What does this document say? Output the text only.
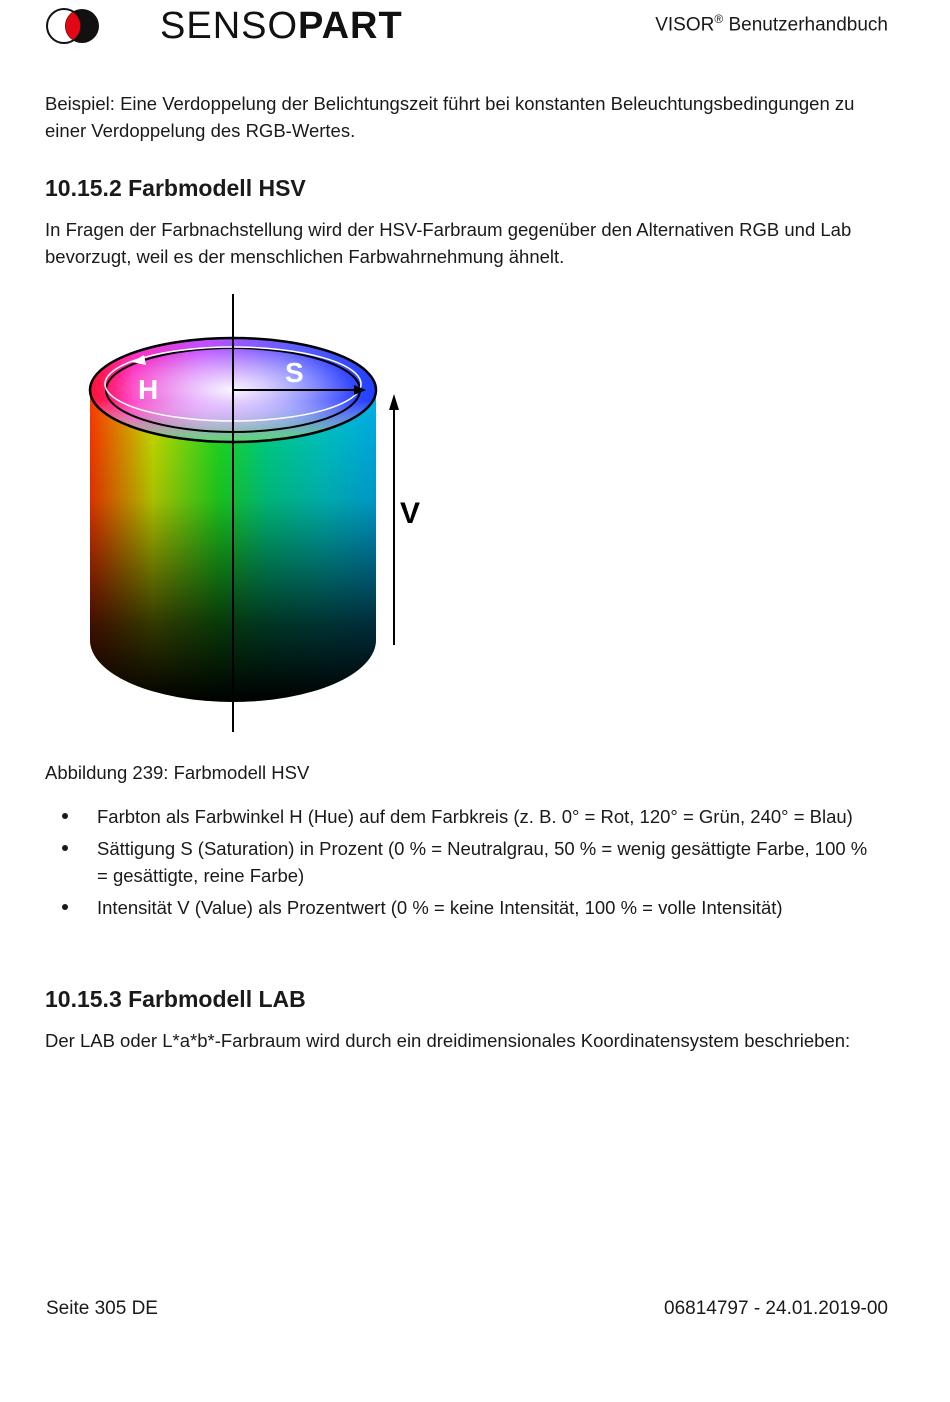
SENSOPART	VISOR® Benutzerhandbuch

Beispiel: Eine Verdoppelung der Belichtungszeit führt bei konstanten Beleuchtungsbedingungen zu einer Verdoppelung des RGB-Wertes.

10.15.2 Farbmodell HSV

In Fragen der Farbnachstellung wird der HSV-Farbraum gegenüber den Alternativen RGB und Lab bevorzugt, weil es der menschlichen Farbwahrnehmung ähnelt.

H
S
V

Abbildung 239: Farbmodell HSV

Farbton als Farbwinkel H (Hue) auf dem Farbkreis (z. B. 0° = Rot, 120° = Grün, 240° = Blau)
Sättigung S (Saturation) in Prozent (0 % = Neutralgrau, 50 % = wenig gesättigte Farbe, 100 % = gesättigte, reine Farbe)
Intensität V (Value) als Prozentwert (0 % = keine Intensität, 100 % = volle Intensität)
10.15.3 Farbmodell LAB

Der LAB oder L*a*b*-Farbraum wird durch ein dreidimensionales Koordinatensystem beschrieben:

Seite 305 DE	06814797 - 24.01.2019-00
